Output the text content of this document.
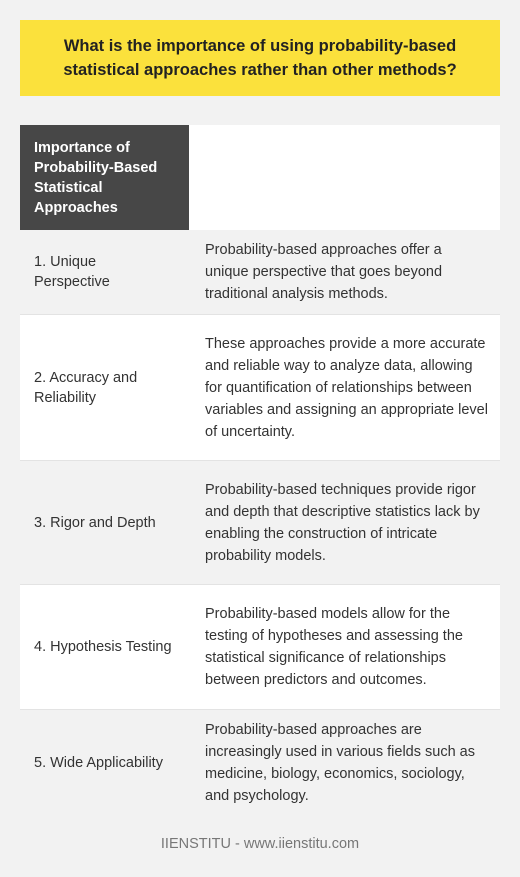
What is the importance of using probability-based statistical approaches rather than other methods?
Importance of Probability-Based Statistical Approaches
1. Unique Perspective
Probability-based approaches offer a unique perspective that goes beyond traditional analysis methods.
2. Accuracy and Reliability
These approaches provide a more accurate and reliable way to analyze data, allowing for quantification of relationships between variables and assigning an appropriate level of uncertainty.
3. Rigor and Depth
Probability-based techniques provide rigor and depth that descriptive statistics lack by enabling the construction of intricate probability models.
4. Hypothesis Testing
Probability-based models allow for the testing of hypotheses and assessing the statistical significance of relationships between predictors and outcomes.
5. Wide Applicability
Probability-based approaches are increasingly used in various fields such as medicine, biology, economics, sociology, and psychology.
IIENSTITU - www.iienstitu.com
